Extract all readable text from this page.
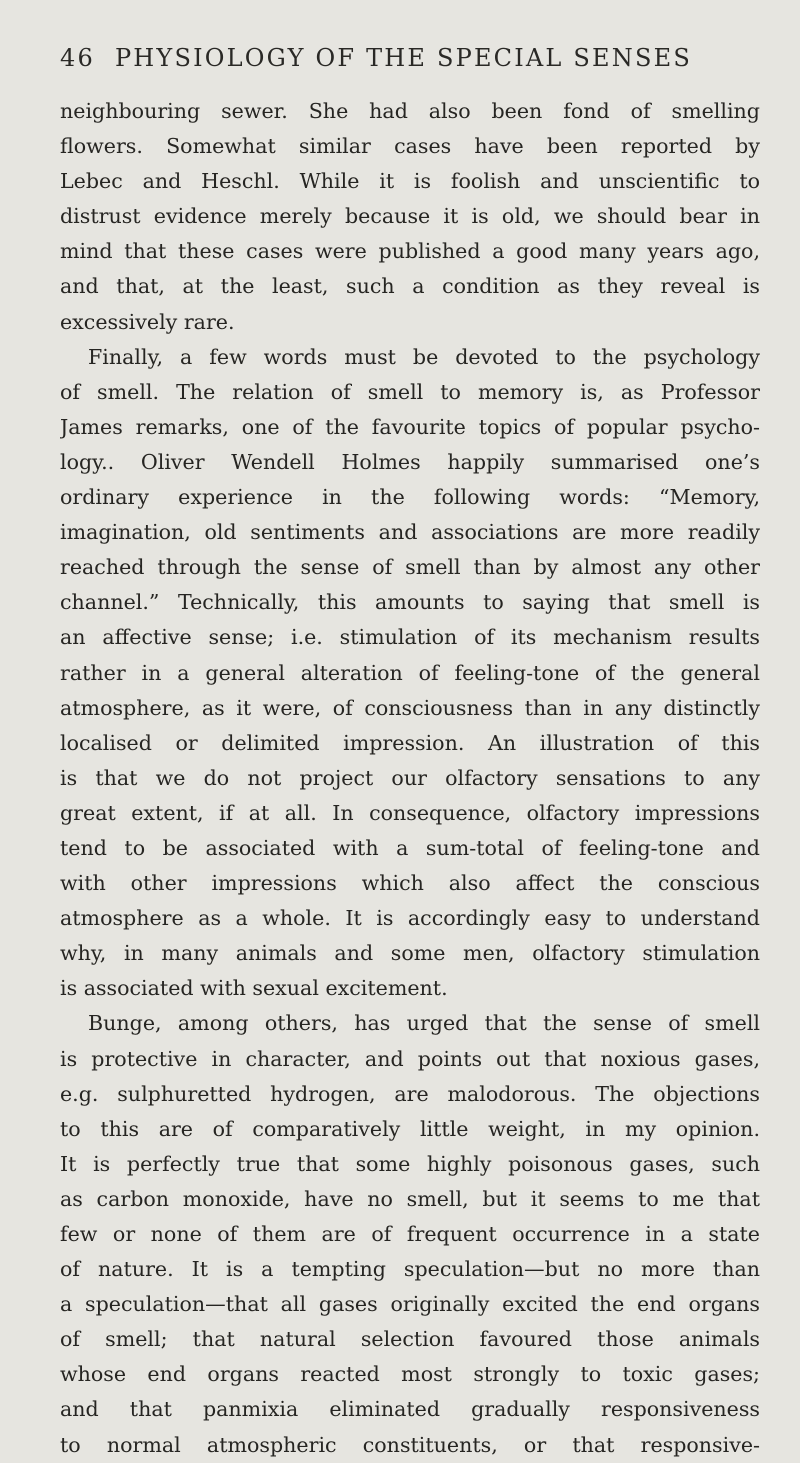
46 PHYSIOLOGY OF THE SPECIAL SENSES
neighbouring sewer. She had also been fond of smelling
flowers. Somewhat similar cases have been reported by
Lebec and Heschl. While it is foolish and unscientific to
distrust evidence merely because it is old, we should bear in
mind that these cases were published a good many years ago,
and that, at the least, such a condition as they reveal is
excessively rare.
Finally, a few words must be devoted to the psychology
of smell. The relation of smell to memory is, as Professor
James remarks, one of the favourite topics of popular psycho-
logy.. Oliver Wendell Holmes happily summarised one’s
ordinary experience in the following words: “Memory,
imagination, old sentiments and associations are more readily
reached through the sense of smell than by almost any other
channel.” Technically, this amounts to saying that smell is
an affective sense; i.e. stimulation of its mechanism results
rather in a general alteration of feeling-tone of the general
atmosphere, as it were, of consciousness than in any distinctly
localised or delimited impression. An illustration of this
is that we do not project our olfactory sensations to any
great extent, if at all. In consequence, olfactory impressions
tend to be associated with a sum-total of feeling-tone and
with other impressions which also affect the conscious
atmosphere as a whole. It is accordingly easy to understand
why, in many animals and some men, olfactory stimulation
is associated with sexual excitement.
Bunge, among others, has urged that the sense of smell
is protective in character, and points out that noxious gases,
e.g. sulphuretted hydrogen, are malodorous. The objections
to this are of comparatively little weight, in my opinion.
It is perfectly true that some highly poisonous gases, such
as carbon monoxide, have no smell, but it seems to me that
few or none of them are of frequent occurrence in a state
of nature. It is a tempting speculation—but no more than
a speculation—that all gases originally excited the end organs
of smell; that natural selection favoured those animals
whose end organs reacted most strongly to toxic gases;
and that panmixia eliminated gradually responsiveness
to normal atmospheric constituents, or that responsive-
